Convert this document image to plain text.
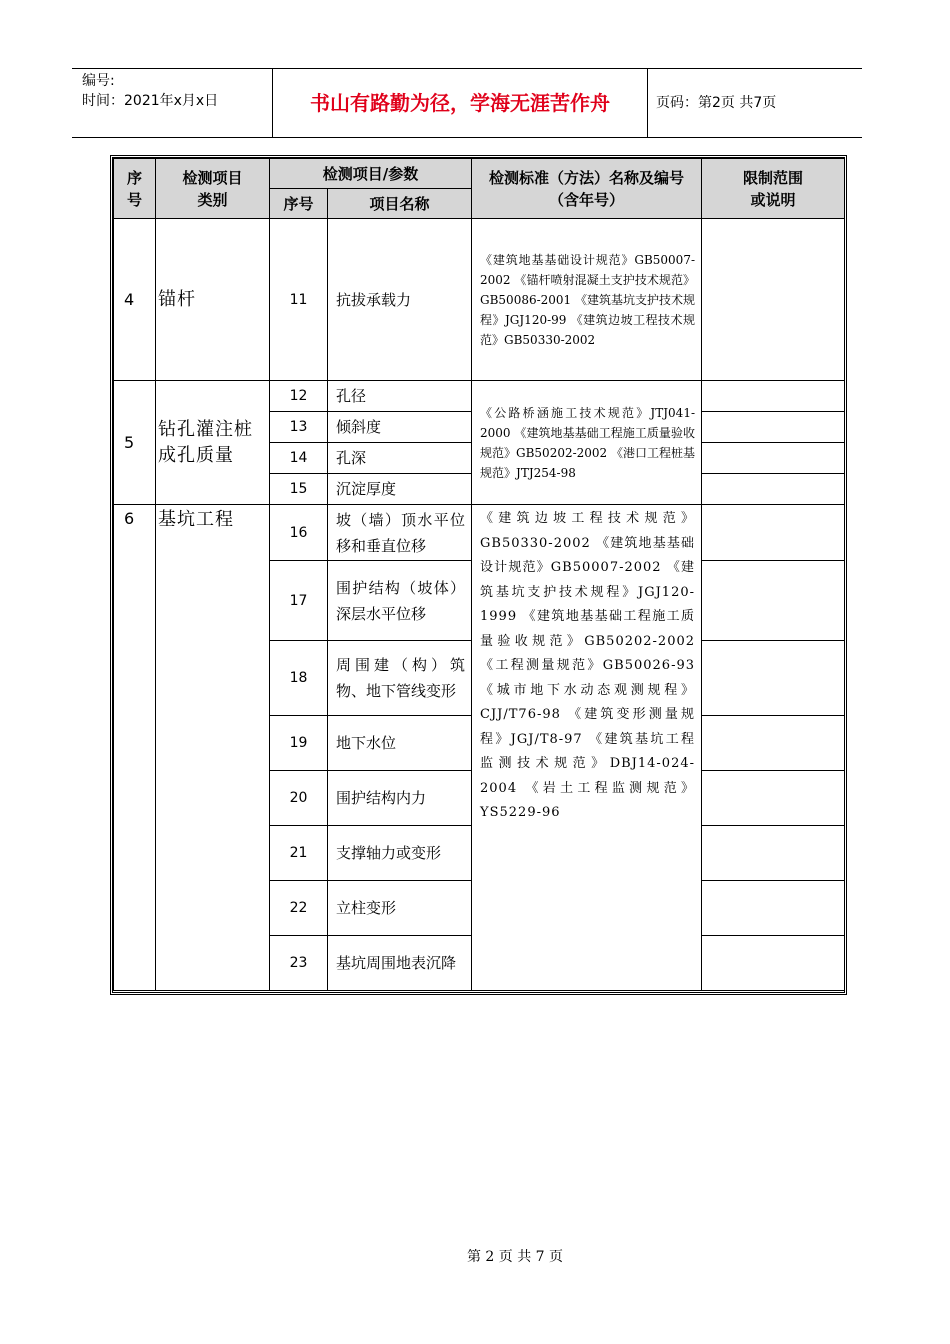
编号:
时间：2021年x月x日	书山有路勤为径，学海无涯苦作舟	页码：第2页 共7页
序号	检测项目类别	检测项目/参数		检测标准（方法）名称及编号（含年号）	限制范围或说明
		序号	项目名称		
4	锚杆	11	抗拔承载力	《建筑地基基础设计规范》GB50007-2002 《锚杆喷射混凝土支护技术规范》GB50086-2001 《建筑基坑支护技术规程》JGJ120-99 《建筑边坡工程技术规范》GB50330-2002	
5	钻孔灌注桩成孔质量	12	孔径	《公路桥涵施工技术规范》JTJ041-2000 《建筑地基基础工程施工质量验收规范》GB50202-2002 《港口工程桩基规范》JTJ254-98	
		13	倾斜度		
		14	孔深		
		15	沉淀厚度		
6	基坑工程	16	坡（墙）顶水平位移和垂直位移	《建筑边坡工程技术规范》GB50330-2002 《建筑地基基础设计规范》GB50007-2002 《建筑基坑支护技术规程》JGJ120-1999 《建筑地基基础工程施工质量验收规范》GB50202-2002 《工程测量规范》GB50026-93 《城市地下水动态观测规程》CJJ/T76-98 《建筑变形测量规程》JGJ/T8-97 《建筑基坑工程监测技术规范》DBJ14-024-2004 《岩土工程监测规范》YS5229-96	
		17	围护结构（坡体）深层水平位移		
		18	周围建（构）筑物、地下管线变形		
		19	地下水位		
		20	围护结构内力		
		21	支撑轴力或变形		
		22	立柱变形		
		23	基坑周围地表沉降		
第 2 页 共 7 页
